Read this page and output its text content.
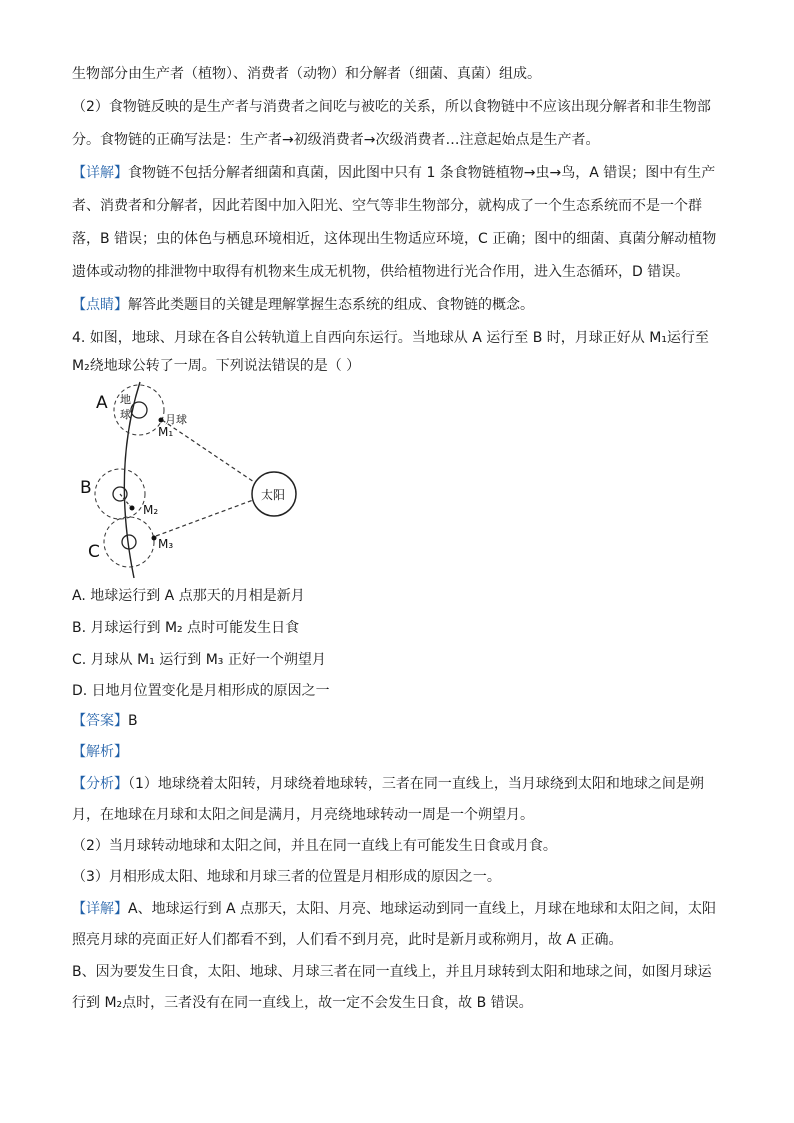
生物部分由生产者（植物）、消费者（动物）和分解者（细菌、真菌）组成。
（2）食物链反映的是生产者与消费者之间吃与被吃的关系，所以食物链中不应该出现分解者和非生物部
分。食物链的正确写法是：生产者→初级消费者→次级消费者…注意起始点是生产者。
【详解】食物链不包括分解者细菌和真菌，因此图中只有 1 条食物链植物→虫→鸟，A 错误；图中有生产
者、消费者和分解者，因此若图中加入阳光、空气等非生物部分，就构成了一个生态系统而不是一个群
落，B 错误；虫的体色与栖息环境相近，这体现出生物适应环境，C 正确；图中的细菌、真菌分解动植物
遗体或动物的排泄物中取得有机物来生成无机物，供给植物进行光合作用，进入生态循环，D 错误。
【点睛】解答此类题目的关键是理解掌握生态系统的组成、食物链的概念。
4. 如图，地球、月球在各自公转轨道上自西向东运行。当地球从 A 运行至 B 时，月球正好从 M₁运行至
M₂绕地球公转了一周。下列说法错误的是（ ）
A
B
C
地
球	月球
M₁
M₂
M₃
太阳
A. 地球运行到 A 点那天的月相是新月
B. 月球运行到 M₂ 点时可能发生日食
C. 月球从 M₁ 运行到 M₃ 正好一个朔望月
D. 日地月位置变化是月相形成的原因之一
【答案】B
【解析】
【分析】（1）地球绕着太阳转，月球绕着地球转，三者在同一直线上，当月球绕到太阳和地球之间是朔
月，在地球在月球和太阳之间是满月，月亮绕地球转动一周是一个朔望月。
（2）当月球转动地球和太阳之间，并且在同一直线上有可能发生日食或月食。
（3）月相形成太阳、地球和月球三者的位置是月相形成的原因之一。
【详解】A、地球运行到 A 点那天，太阳、月亮、地球运动到同一直线上，月球在地球和太阳之间，太阳
照亮月球的亮面正好人们都看不到，人们看不到月亮，此时是新月或称朔月，故 A 正确。
B、因为要发生日食，太阳、地球、月球三者在同一直线上，并且月球转到太阳和地球之间，如图月球运
行到 M₂点时，三者没有在同一直线上，故一定不会发生日食，故 B 错误。
